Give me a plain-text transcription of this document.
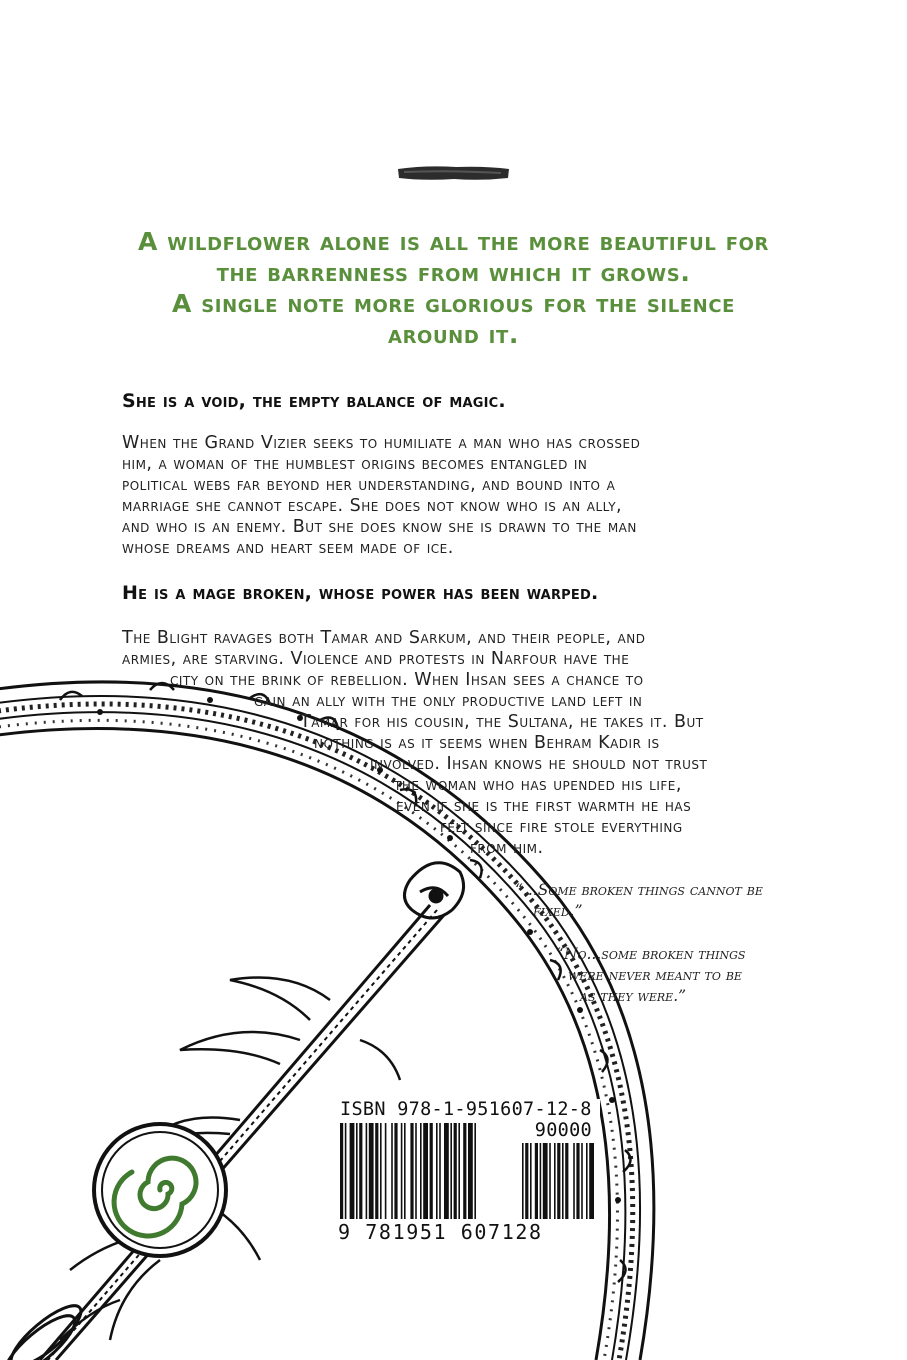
A wildflower alone is all the more beautiful for
the barrenness from which it grows.
A single note more glorious for the silence
around it.
She is a void, the empty balance of magic.
When the Grand Vizier seeks to humiliate a man who has crossed
him, a woman of the humblest origins becomes entangled in
political webs far beyond her understanding, and bound into a
marriage she cannot escape. She does not know who is an ally,
and who is an enemy. But she does know she is drawn to the man
whose dreams and heart seem made of ice.
He is a mage broken, whose power has been warped.
The Blight ravages both Tamar and Sarkum, and their people, and
armies, are starving. Violence and protests in Narfour have the
city on the brink of rebellion. When Ihsan sees a chance to
gain an ally with the only productive land left in
Tamar for his cousin, the Sultana, he takes it. But
nothing is as it seems when Behram Kadir is
involved. Ihsan knows he should not trust
the woman who has upended his life,
even if she is the first warmth he has
felt since fire stole everything
from him.
“...Some broken things cannot be
fixed.”
“No...some broken things
were never meant to be
as they were.”
ISBN 978-1-951607-12-8
90000
9 781951 607128
